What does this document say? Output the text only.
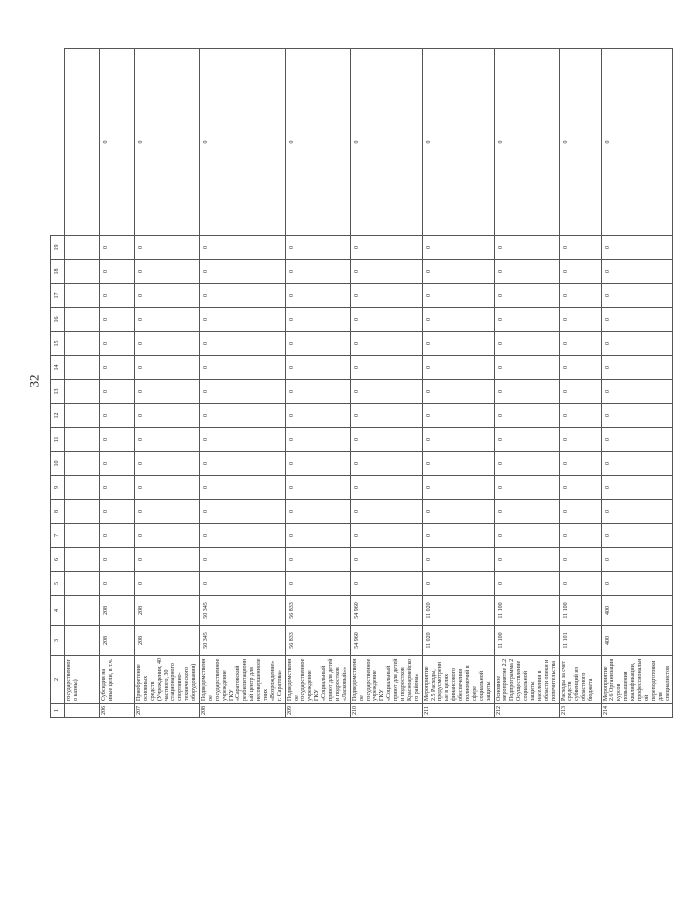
32
1	2	3	4	5	6	7	8	9	10	11	12	13	14	15	16	17	18	19	

	государственного казны)																		

206	Субсидия на иные цели, в т.ч.	208	208	0	0	0	0	0	0	0	0	0	0	0	0	0	0	0	0
207	Приобретение основных средств (Учреждения, 40 частного, 30 стационарного спортивно-технического оборудования)	208	208	0	0	0	0	0	0	0	0	0	0	0	0	0	0	0	0
208	Подведомственное государственное учреждение ГКУ «Саратовский реабилитационный центр для несовершеннолетних «Возрождение» г. Саратова»	50 345	50 345	0	0	0	0	0	0	0	0	0	0	0	0	0	0	0	0
209	Подведомственное государственное учреждение ГКУ «Социальный приют для детей и подростков «Ласковый»»	56 833	56 833	0	0	0	0	0	0	0	0	0	0	0	0	0	0	0	0
210	Подведомственное государственное учреждение ГКУ «Социальный приют для детей и подростков Красноармейского района»	54 960	54 960	0	0	0	0	0	0	0	0	0	0	0	0	0	0	0	0
211	Мероприятие 2.5 Расходы, предусмотренные в целях финансового обеспечения полномочий в сфере социальной защиты	11 020	11 020	0	0	0	0	0	0	0	0	0	0	0	0	0	0	0	0
212	Основное мероприятие 2.2 Подпрограмма 2 Осуществление социальной защиты населения в области опеки и попечительства	11 100	11 100	0	0	0	0	0	0	0	0	0	0	0	0	0	0	0	0
213	Расходы за счет средств субвенций из областного бюджета	11 101	11 100	0	0	0	0	0	0	0	0	0	0	0	0	0	0	0	0
214	Мероприятие 2.6 Организация курсов повышения квалификации, профессиональной переподготовки для специалистов	400	400	0	0	0	0	0	0	0	0	0	0	0	0	0	0	0	0
